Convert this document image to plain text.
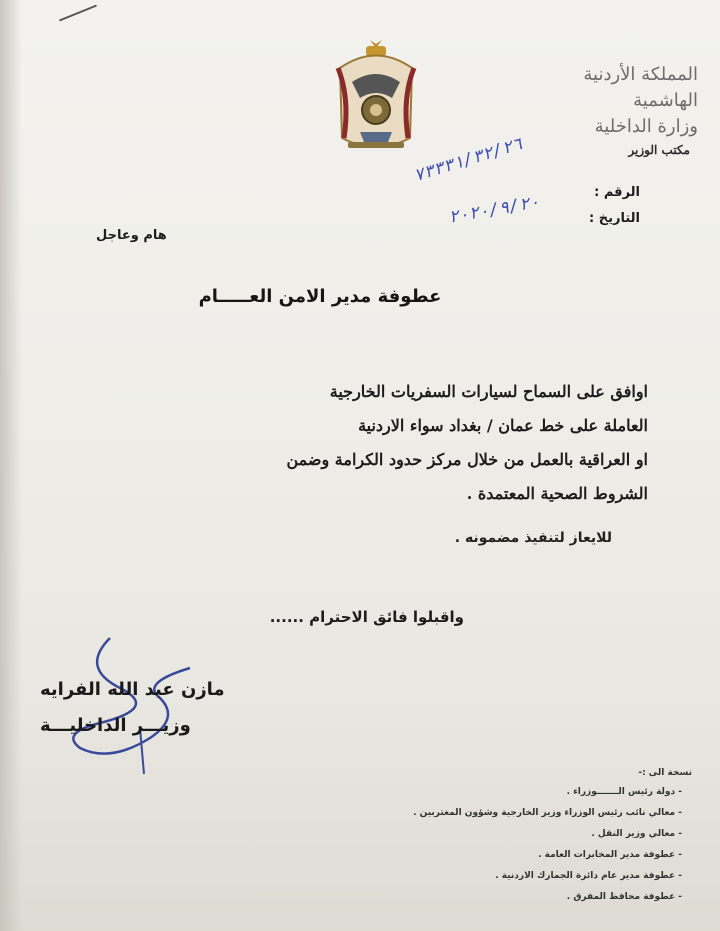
المملكة الأردنية الهاشمية
وزارة الداخلية
مكتب الوزير
الرقم :
التاريخ :
٧٣٣٣١/٣٢/٢٦
٢٠٢٠/٩/٢٠
هام وعاجل
عطوفة مدير الامن العـــــام

اوافق على السماح لسيارات السفريات الخارجية

العاملة على خط عمان / بغداد سواء الاردنية

او العراقية بالعمل من خلال مركز حدود الكرامة وضمن

الشروط الصحية المعتمدة .

للايعاز لتنفيذ مضمونه .
واقبلوا فائق الاحترام ......
مازن عبد الله الفرايه
وزيـــر الداخليـــة
نسخة الى :-
- دولة رئيس الـــــــوزراء .
- معالي نائب رئيس الوزراء وزير الخارجية وشؤون المغتربين .
- معالي وزير النقل .
- عطوفة مدير المخابرات العامة .
- عطوفة مدير عام دائرة الجمارك الاردنية .
- عطوفة محافظ المفرق .
